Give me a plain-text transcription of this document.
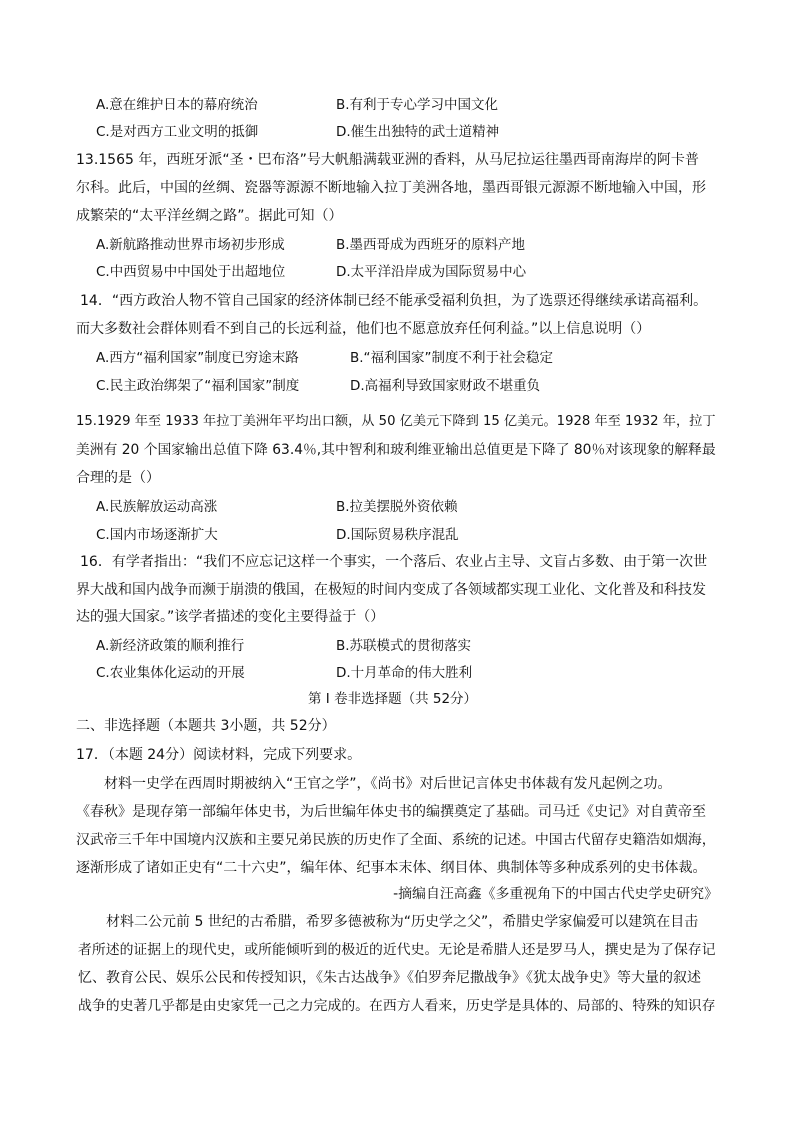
A.意在维护日本的幕府统治	B.有利于专心学习中国文化
C.是对西方工业文明的抵御	D.催生出独特的武士道精神
13.1565 年，西班牙派“圣・巴布洛”号大帆船满载亚洲的香料，从马尼拉运往墨西哥南海岸的阿卡普
尔科。此后，中国的丝绸、瓷器等源源不断地输入拉丁美洲各地，墨西哥银元源源不断地输入中国，形
成繁荣的“太平洋丝绸之路”。据此可知（）
A.新航路推动世界市场初步形成	B.墨西哥成为西班牙的原料产地
C.中西贸易中中国处于出超地位	D.太平洋沿岸成为国际贸易中心
14．“西方政治人物不管自己国家的经济体制已经不能承受福利负担，为了选票还得继续承诺高福利。
而大多数社会群体则看不到自己的长远利益，他们也不愿意放弃任何利益。”以上信息说明（）
A.西方“福利国家”制度已穷途末路	B.“福利国家”制度不利于社会稳定
C.民主政治绑架了“福利国家”制度	D.高福利导致国家财政不堪重负
15.1929 年至 1933 年拉丁美洲年平均出口额，从 50 亿美元下降到 15 亿美元。1928 年至 1932 年，拉丁
美洲有 20 个国家输出总值下降 63.4％,其中智利和玻利维亚输出总值更是下降了 80％对该现象的解释最
合理的是（）
A.民族解放运动高涨	B.拉美摆脱外资依赖
C.国内市场逐渐扩大	D.国际贸易秩序混乱
16．有学者指出：“我们不应忘记这样一个事实，一个落后、农业占主导、文盲占多数、由于第一次世
界大战和国内战争而濒于崩溃的俄国，在极短的时间内变成了各领域都实现工业化、文化普及和科技发
达的强大国家。”该学者描述的变化主要得益于（）
A.新经济政策的顺利推行	B.苏联模式的贯彻落实
C.农业集体化运动的开展	D.十月革命的伟大胜利
第 I 卷非选择题（共 52分）
二、非选择题（本题共 3小题，共 52分）
17．（本题 24分）阅读材料，完成下列要求。
材料一史学在西周时期被纳入“王官之学”，《尚书》对后世记言体史书体裁有发凡起例之功。
《春秋》是现存第一部编年体史书，为后世编年体史书的编撰奠定了基础。司马迁《史记》对自黄帝至
汉武帝三千年中国境内汉族和主要兄弟民族的历史作了全面、系统的记述。中国古代留存史籍浩如烟海，
逐渐形成了诸如正史有“二十六史”，编年体、纪事本末体、纲目体、典制体等多种成系列的史书体裁。
-摘编自汪高鑫《多重视角下的中国古代史学史研究》
材料二公元前 5 世纪的古希腊，希罗多德被称为“历史学之父”，希腊史学家偏爱可以建筑在目击
者所述的证据上的现代史，或所能倾听到的极近的近代史。无论是希腊人还是罗马人，撰史是为了保存记
忆、教育公民、娱乐公民和传授知识，《朱古达战争》《伯罗奔尼撒战争》《犹太战争史》等大量的叙述
战争的史著几乎都是由史家凭一己之力完成的。在西方人看来，历史学是具体的、局部的、特殊的知识存
